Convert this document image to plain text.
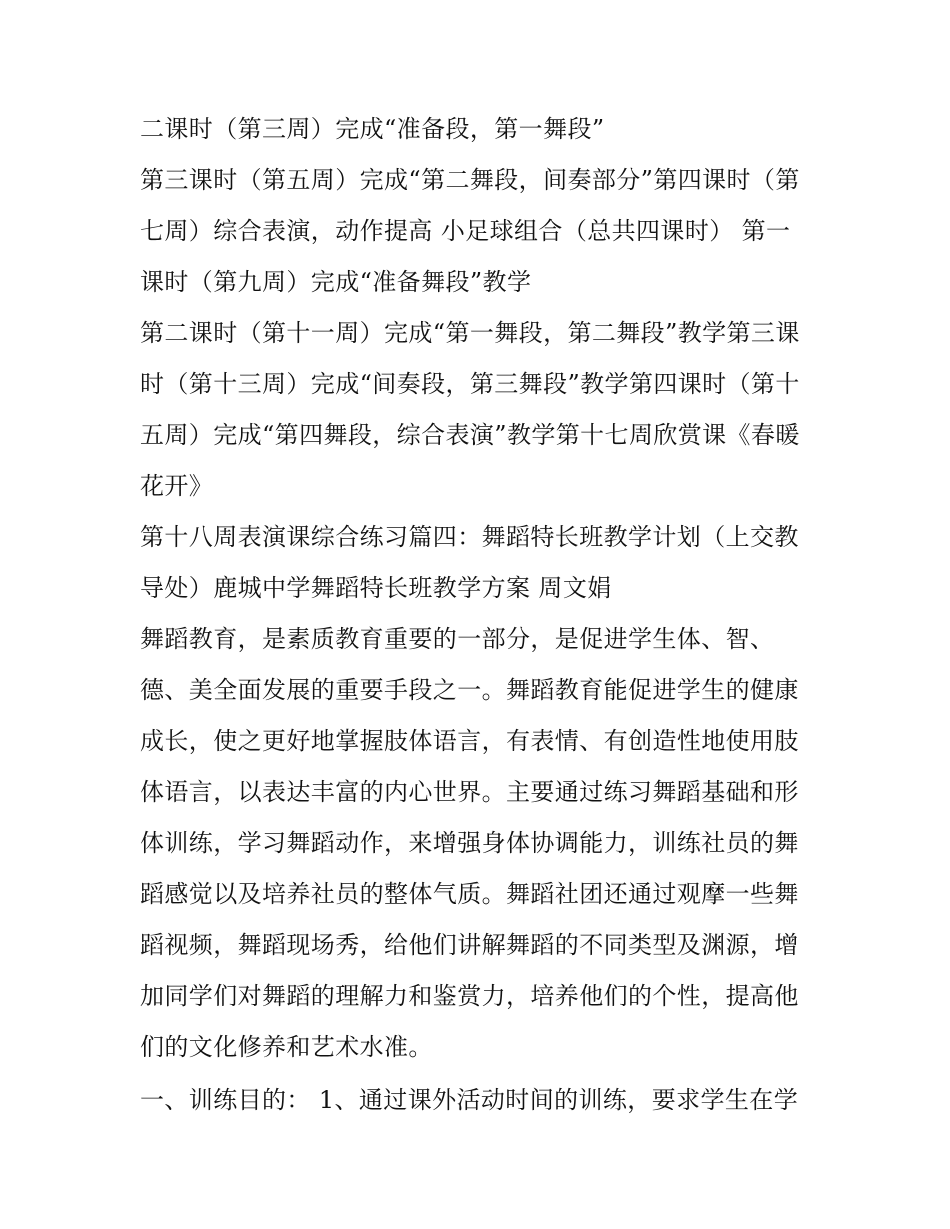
二课时（第三周）完成“准备段，第一舞段”
第三课时（第五周）完成“第二舞段，间奏部分”第四课时（第
七周）综合表演，动作提高 小足球组合（总共四课时） 第一
课时（第九周）完成“准备舞段”教学
第二课时（第十一周）完成“第一舞段，第二舞段”教学第三课
时（第十三周）完成“间奏段，第三舞段”教学第四课时（第十
五周）完成“第四舞段，综合表演”教学第十七周欣赏课《春暖
花开》
第十八周表演课综合练习篇四：舞蹈特长班教学计划（上交教
导处）鹿城中学舞蹈特长班教学方案 周文娟
舞蹈教育，是素质教育重要的一部分，是促进学生体、智、
德、美全面发展的重要手段之一。舞蹈教育能促进学生的健康
成长，使之更好地掌握肢体语言，有表情、有创造性地使用肢
体语言，以表达丰富的内心世界。主要通过练习舞蹈基础和形
体训练，学习舞蹈动作，来增强身体协调能力，训练社员的舞
蹈感觉以及培养社员的整体气质。舞蹈社团还通过观摩一些舞
蹈视频，舞蹈现场秀，给他们讲解舞蹈的不同类型及渊源，增
加同学们对舞蹈的理解力和鉴赏力，培养他们的个性，提高他
们的文化修养和艺术水准。
一、训练目的： 1、通过课外活动时间的训练，要求学生在学
